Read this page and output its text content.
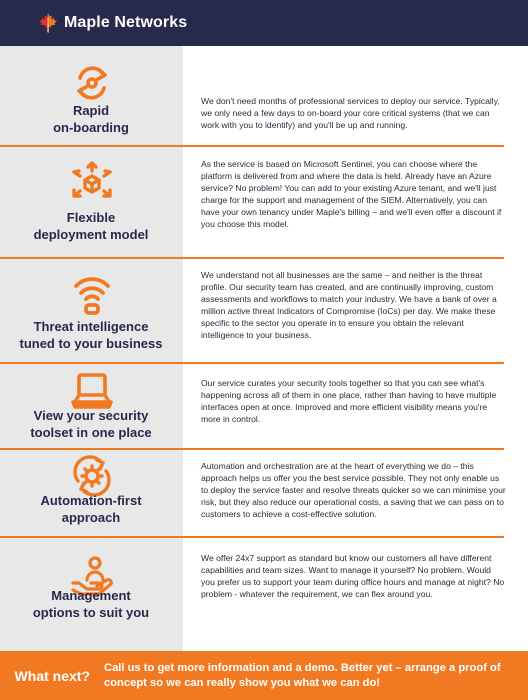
Maple Networks
Rapid
on-boarding
We don't need months of professional services to deploy our service. Typically, we only need a few days to on-board your core critical systems (that we can work with you to identify) and you'll be up and running.
Flexible
deployment model
As the service is based on Microsoft Sentinel, you can choose where the platform is delivered from and where the data is held. Already have an Azure service? No problem! You can add to your existing Azure tenant, and we'll just charge for the support and management of the SIEM. Alternatively, you can have your own tenancy under Maple's billing – and we'll even offer a discount if you choose this model.
Threat intelligence
tuned to your business
We understand not all businesses are the same – and neither is the threat profile. Our security team has created, and are continually improving, custom assessments and workflows to match your industry. We have a bank of over a million active threat Indicators of Compromise (IoCs) per day. We make these specific to the sector you operate in to ensure you obtain the relevant intelligence to your business.
View your security
toolset in one place
Our service curates your security tools together so that you can see what's happening across all of them in one place, rather than having to have multiple interfaces open at once. Improved and more efficient visibility means you're more in control.
Automation-first
approach
Automation and orchestration are at the heart of everything we do – this approach helps us offer you the best service possible. They not only enable us to deploy the service faster and resolve threats quicker so we can minimise your risk, but they also reduce our operational costs, a saving that we can pass on to customers to achieve a cost-effective solution.
Management
options to suit you
We offer 24x7 support as standard but know our customers all have different capabilities and team sizes. Want to manage it yourself? No problem. Would you prefer us to support your team during office hours and manage at night? No problem - whatever the requirement, we can flex around you.
What next?	Call us to get more information and a demo. Better yet – arrange a proof of concept so we can really show you what we can do!
